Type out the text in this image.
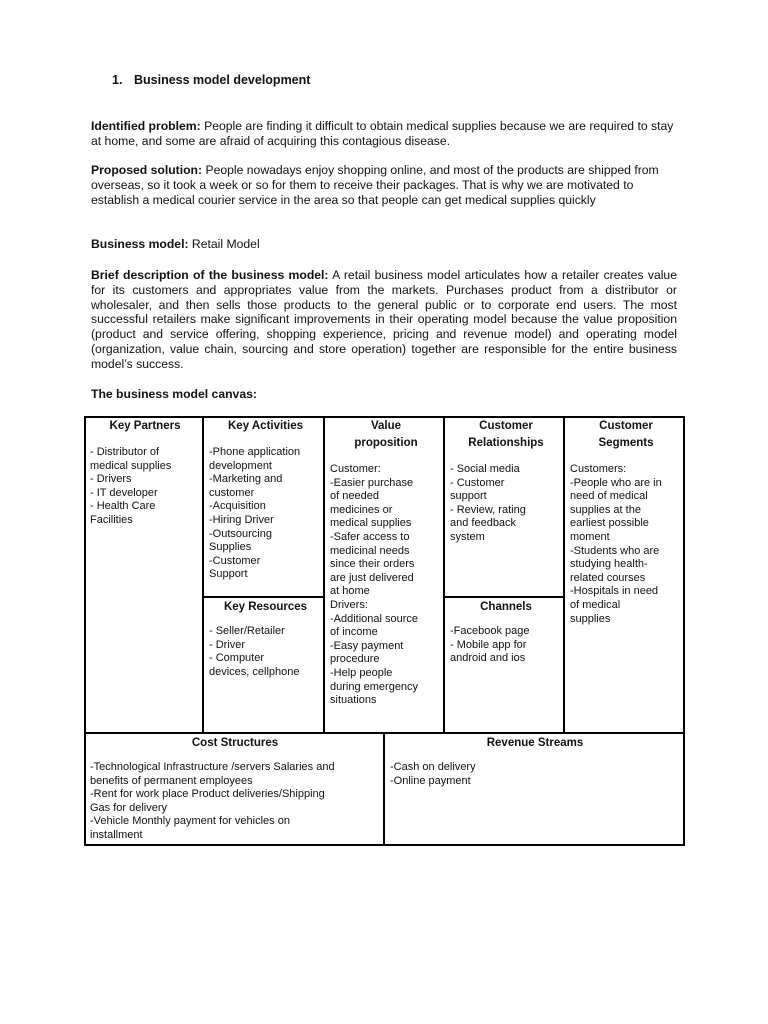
1. Business model development
Identified problem: People are finding it difficult to obtain medical supplies because we are required to stay at home, and some are afraid of acquiring this contagious disease.
Proposed solution: People nowadays enjoy shopping online, and most of the products are shipped from overseas, so it took a week or so for them to receive their packages. That is why we are motivated to establish a medical courier service in the area so that people can get medical supplies quickly
Business model: Retail Model
Brief description of the business model: A retail business model articulates how a retailer creates value for its customers and appropriates value from the markets. Purchases product from a distributor or wholesaler, and then sells those products to the general public or to corporate end users. The most successful retailers make significant improvements in their operating model because the value proposition (product and service offering, shopping experience, pricing and revenue model) and operating model (organization, value chain, sourcing and store operation) together are responsible for the entire business model’s success.
The business model canvas:
Key Partners
- Distributor of
medical supplies
- Drivers
- IT developer
- Health Care
Facilities
Key Activities
-Phone application
development
-Marketing and
customer
-Acquisition
-Hiring Driver
-Outsourcing
Supplies
-Customer
Support
Key Resources
- Seller/Retailer
- Driver
- Computer
devices, cellphone
Value
proposition
Customer:
-Easier purchase
of needed
medicines or
medical supplies
-Safer access to
medicinal needs
since their orders
are just delivered
at home
Drivers:
-Additional source
of income
-Easy payment
procedure
-Help people
during emergency
situations
Customer
Relationships
- Social media
- Customer
support
- Review, rating
and feedback
system
Channels
-Facebook page
- Mobile app for
android and ios
Customer
Segments
Customers:
-People who are in
need of medical
supplies at the
earliest possible
moment
-Students who are
studying health-
related courses
-Hospitals in need
of medical
supplies
Cost Structures
-Technological Infrastructure /servers Salaries and
benefits of permanent employees
-Rent for work place Product deliveries/Shipping
Gas for delivery
-Vehicle Monthly payment for vehicles on
installment
Revenue Streams
-Cash on delivery
-Online payment
